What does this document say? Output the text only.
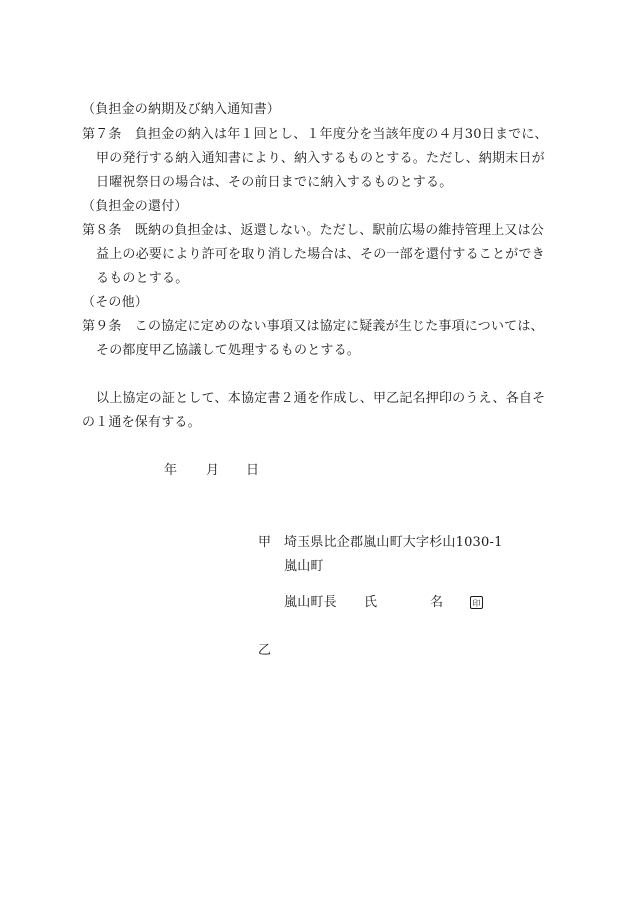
（負担金の納期及び納入通知書）
第７条　負担金の納入は年１回とし、１年度分を当該年度の４月30日までに、
甲の発行する納入通知書により、納入するものとする。ただし、納期末日が
日曜祝祭日の場合は、その前日までに納入するものとする。
（負担金の還付）
第８条　既納の負担金は、返還しない。ただし、駅前広場の維持管理上又は公
益上の必要により許可を取り消した場合は、その一部を還付することができ
るものとする。
（その他）
第９条　この協定に定めのない事項又は協定に疑義が生じた事項については、
その都度甲乙協議して処理するものとする。
以上協定の証として、本協定書２通を作成し、甲乙記名押印のうえ、各自そ
の１通を保有する。
年 月 日
甲 埼玉県比企郡嵐山町大字杉山1030-1
嵐山町
嵐山町長 氏	名	印
乙
